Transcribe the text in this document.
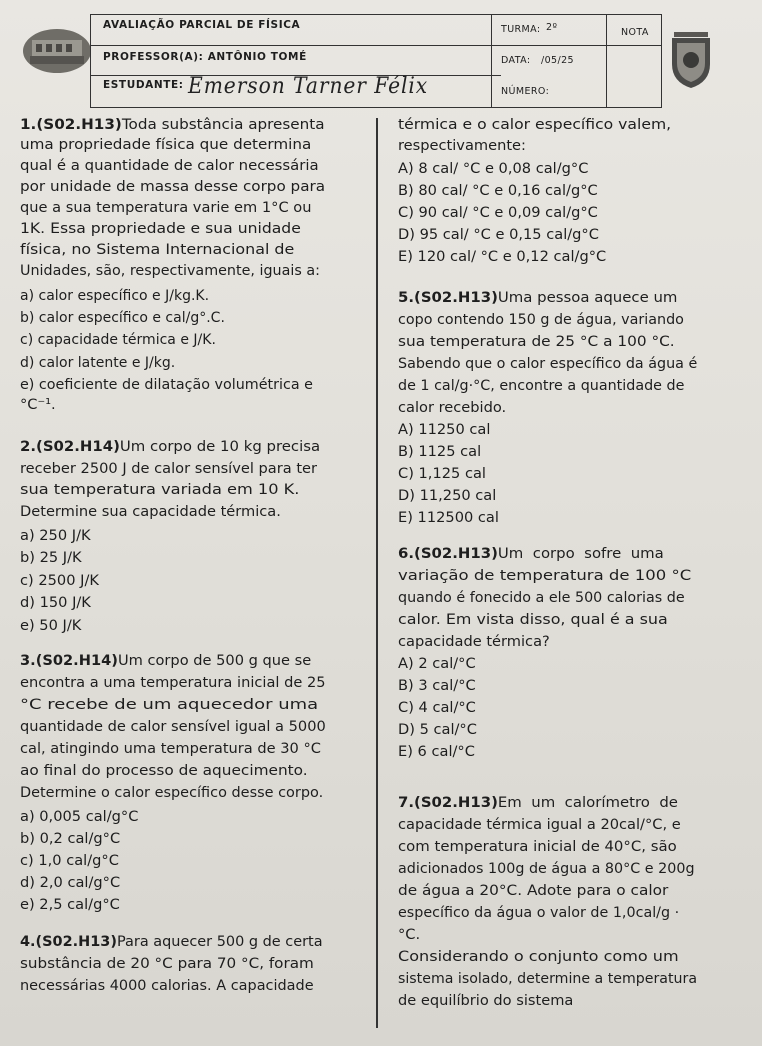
AVALIAÇÃO PARCIAL DE FÍSICA
PROFESSOR(A): ANTÔNIO TOMÉ
ESTUDANTE:
TURMA: 2º
DATA: /05/25
NÚMERO:
NOTA
Emerson Tarner Félix
1.(S02.H13)Toda substância apresenta
uma propriedade física que determina
qual é a quantidade de calor necessária
por unidade de massa desse corpo para
que a sua temperatura varie em 1°C ou
1K. Essa propriedade e sua unidade
física, no Sistema Internacional de
Unidades, são, respectivamente, iguais a:
a) calor específico e J/kg.K.
b) calor específico e cal/g°.C.
c) capacidade térmica e J/K.
d) calor latente e J/kg.
e) coeficiente de dilatação volumétrica e
°C⁻¹.
2.(S02.H14)Um corpo de 10 kg precisa
receber 2500 J de calor sensível para ter
sua temperatura variada em 10 K.
Determine sua capacidade térmica.
a) 250 J/K
b) 25 J/K
c) 2500 J/K
d) 150 J/K
e) 50 J/K
3.(S02.H14)Um corpo de 500 g que se
encontra a uma temperatura inicial de 25
°C recebe de um aquecedor uma
quantidade de calor sensível igual a 5000
cal, atingindo uma temperatura de 30 °C
ao final do processo de aquecimento.
Determine o calor específico desse corpo.
a) 0,005 cal/g°C
b) 0,2 cal/g°C
c) 1,0 cal/g°C
d) 2,0 cal/g°C
e) 2,5 cal/g°C
4.(S02.H13)Para aquecer 500 g de certa
substância de 20 °C para 70 °C, foram
necessárias 4000 calorias. A capacidade
térmica e o calor específico valem,
respectivamente:
A) 8 cal/ °C e 0,08 cal/g°C
B) 80 cal/ °C e 0,16 cal/g°C
C) 90 cal/ °C e 0,09 cal/g°C
D) 95 cal/ °C e 0,15 cal/g°C
E) 120 cal/ °C e 0,12 cal/g°C
5.(S02.H13)Uma pessoa aquece um
copo contendo 150 g de água, variando
sua temperatura de 25 °C a 100 °C.
Sabendo que o calor específico da água é
de 1 cal/g·°C, encontre a quantidade de
calor recebido.
A) 11250 cal
B) 1125 cal
C) 1,125 cal
D) 11,250 cal
E) 112500 cal
6.(S02.H13)Um  corpo  sofre  uma
variação de temperatura de 100 °C
quando é fonecido a ele 500 calorias de
calor. Em vista disso, qual é a sua
capacidade térmica?
A) 2 cal/°C
B) 3 cal/°C
C) 4 cal/°C
D) 5 cal/°C
E) 6 cal/°C
7.(S02.H13)Em  um  calorímetro  de
capacidade térmica igual a 20cal/°C, e
com temperatura inicial de 40°C, são
adicionados 100g de água a 80°C e 200g
de água a 20°C. Adote para o calor
específico da água o valor de 1,0cal/g ·
°C.
Considerando o conjunto como um
sistema isolado, determine a temperatura
de equilíbrio do sistema
